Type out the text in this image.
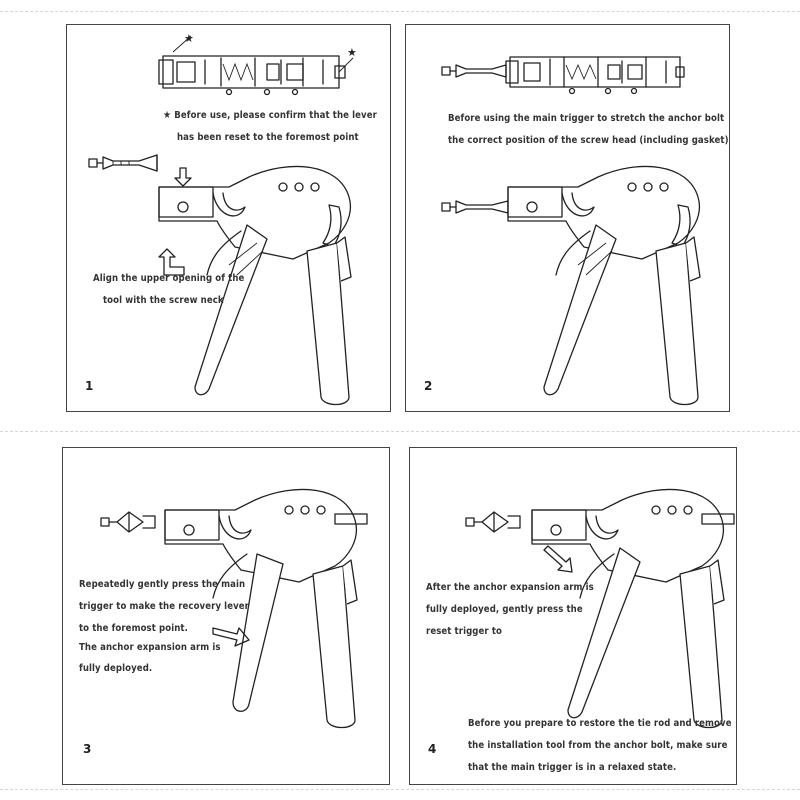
★
★
★ Before use, please confirm that the lever
has been reset to the foremost point
Align the upper opening of the
tool with the screw neck
1
Before using the main trigger to stretch the anchor bolt
the correct position of the screw head (including gasket)
2
Repeatedly gently press the main
trigger to make the recovery lever
to the foremost point.
The anchor expansion arm is
fully deployed.
3
After the anchor expansion arm is
fully deployed, gently press the
reset trigger to
Before you prepare to restore the tie rod and remove
the installation tool from the anchor bolt, make sure
that the main trigger is in a relaxed state.
4
